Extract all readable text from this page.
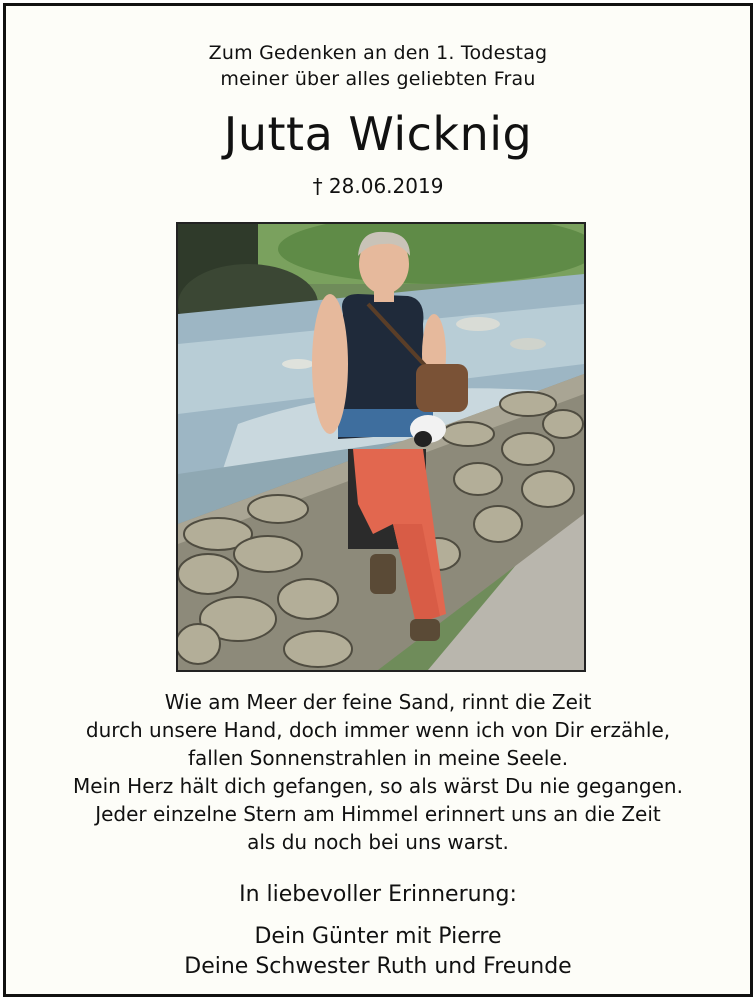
Zum Gedenken an den 1. Todestag
meiner über alles geliebten Frau
Jutta Wicknig
† 28.06.2019
Wie am Meer der feine Sand, rinnt die Zeit
durch unsere Hand, doch immer wenn ich von Dir erzähle,
fallen Sonnenstrahlen in meine Seele.
Mein Herz hält dich gefangen, so als wärst Du nie gegangen.
Jeder einzelne Stern am Himmel erinnert uns an die Zeit
als du noch bei uns warst.
In liebevoller Erinnerung:
Dein Günter mit Pierre
Deine Schwester Ruth und Freunde
